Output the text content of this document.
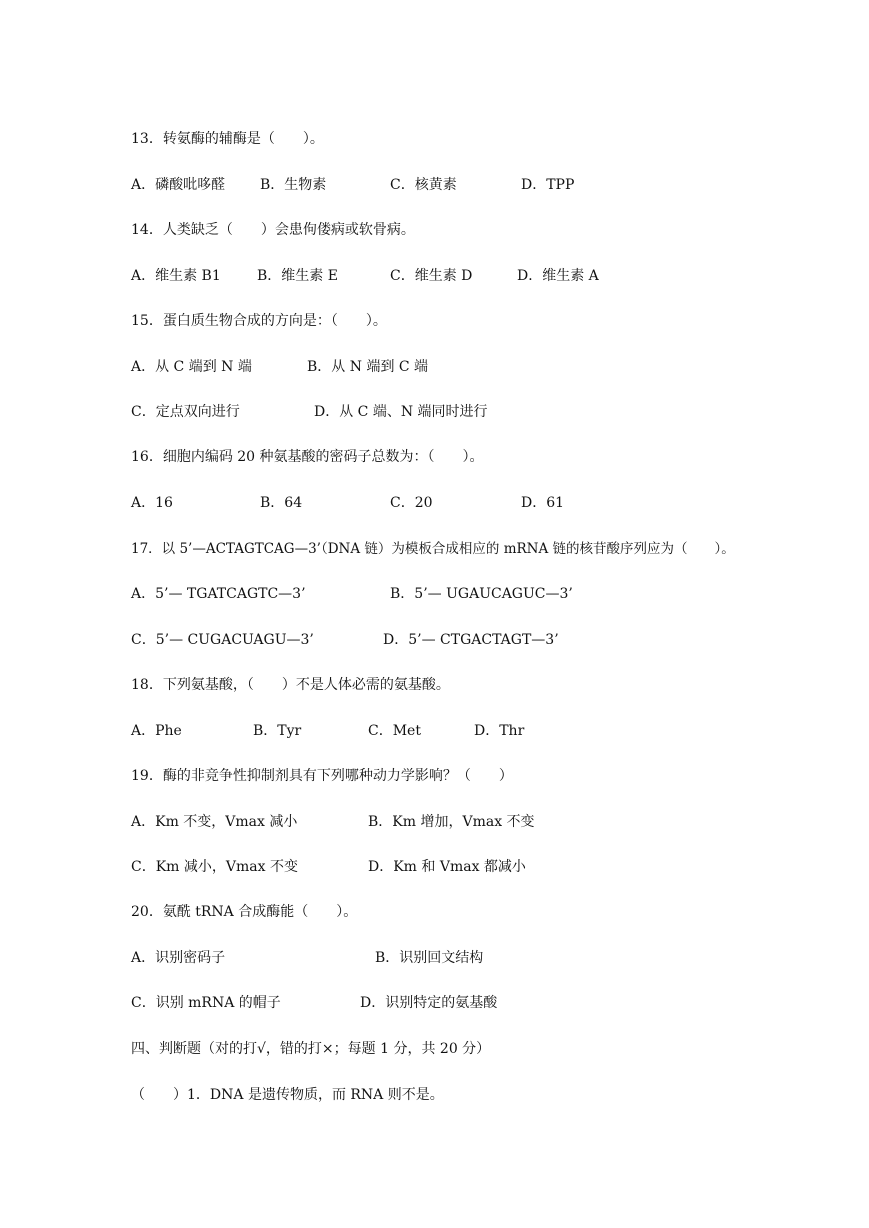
13．转氨酶的辅酶是（　　）。
A．磷酸吡哆醛 B．生物素	C．核黄素	D．TPP
14．人类缺乏（　　）会患佝偻病或软骨病。
A．维生素 B1	B．维生素 E	C．维生素 D	D．维生素 A
15．蛋白质生物合成的方向是：（　　）。
A．从 C 端到 N 端	B．从 N 端到 C 端
C．定点双向进行	D．从 C 端、N 端同时进行
16．细胞内编码 20 种氨基酸的密码子总数为：（　　）。
A．16	B．64	C．20	D．61
17．以 5’—ACTAGTCAG—3’（DNA 链）为模板合成相应的 mRNA 链的核苷酸序列应为（　　）。
A．5’— TGATCAGTC—3’	B．5’— UGAUCAGUC—3’
C．5’— CUGACUAGU—3’	D．5’— CTGACTAGT—3’
18．下列氨基酸，（　　）不是人体必需的氨基酸。
A．Phe	B．Tyr	C．Met	D．Thr
19．酶的非竞争性抑制剂具有下列哪种动力学影响？（　　）
A．Km 不变，Vmax 减小	B．Km 增加，Vmax 不变
C．Km 减小，Vmax 不变	D．Km 和 Vmax 都减小
20．氨酰 tRNA 合成酶能（　　）。
A．识别密码子	B．识别回文结构
C．识别 mRNA 的帽子	D．识别特定的氨基酸
四、判断题（对的打√，错的打×；每题 1 分，共 20 分）
（　　）1．DNA 是遗传物质，而 RNA 则不是。
